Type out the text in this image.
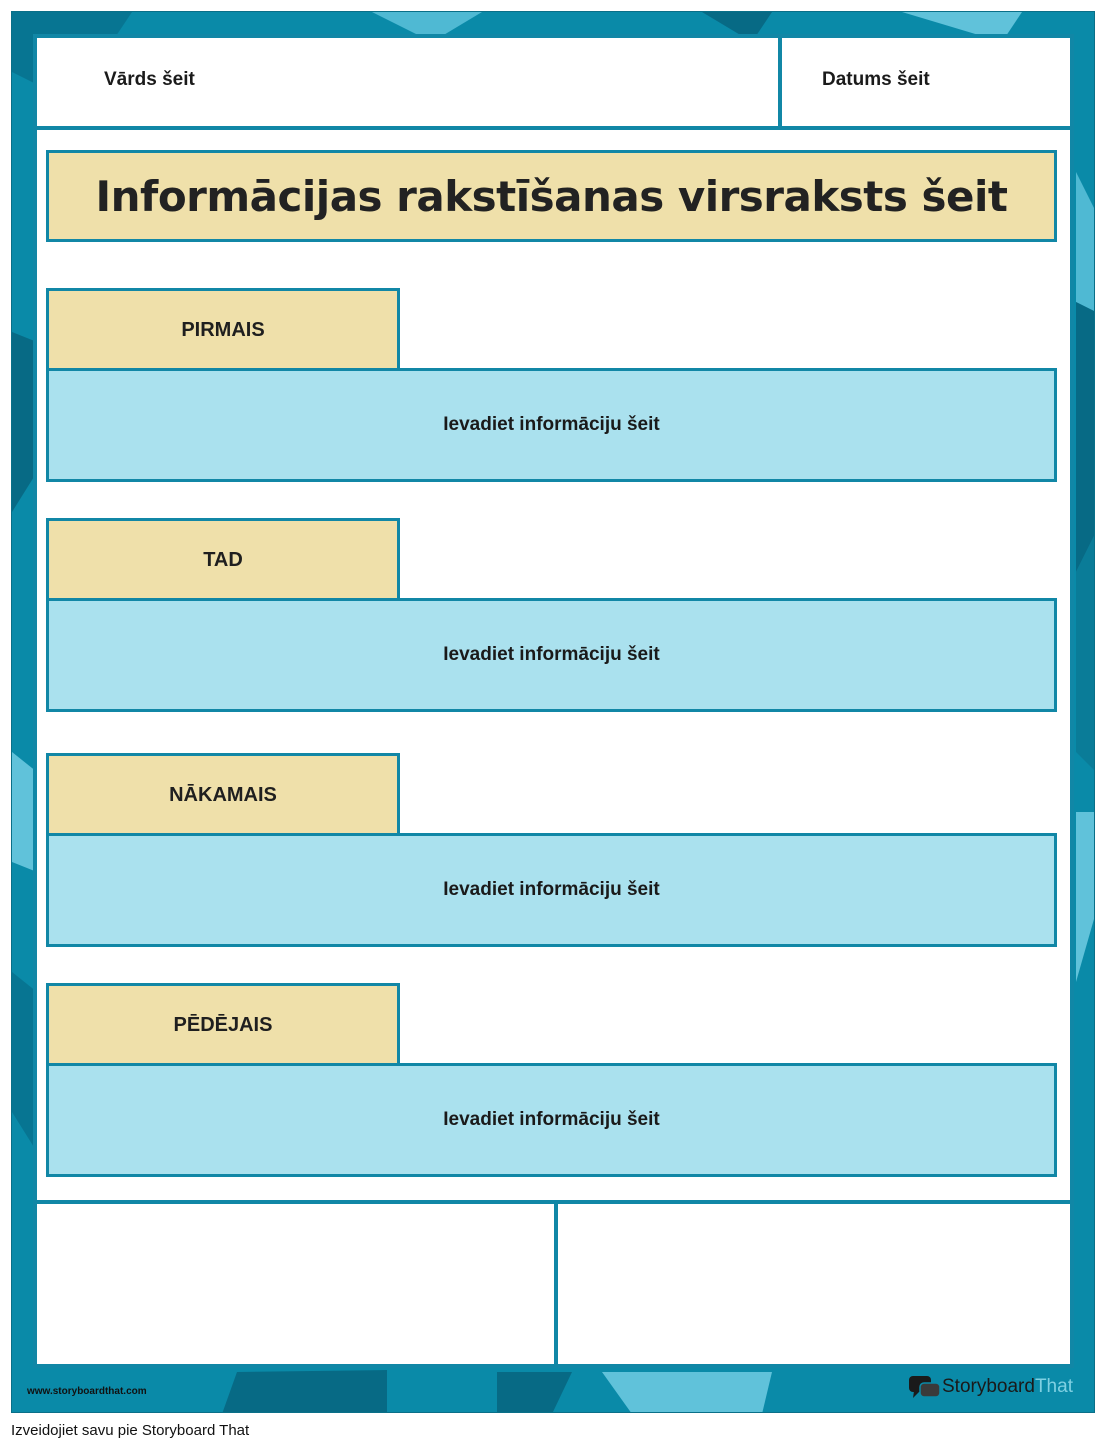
Vārds šeit	Datums šeit
Informācijas rakstīšanas virsraksts šeit
PIRMAIS
Ievadiet informāciju šeit
TAD
Ievadiet informāciju šeit
NĀKAMAIS
Ievadiet informāciju šeit
PĒDĒJAIS
Ievadiet informāciju šeit
www.storyboardthat.com	Storyboard That
Izveidojiet savu pie Storyboard That
